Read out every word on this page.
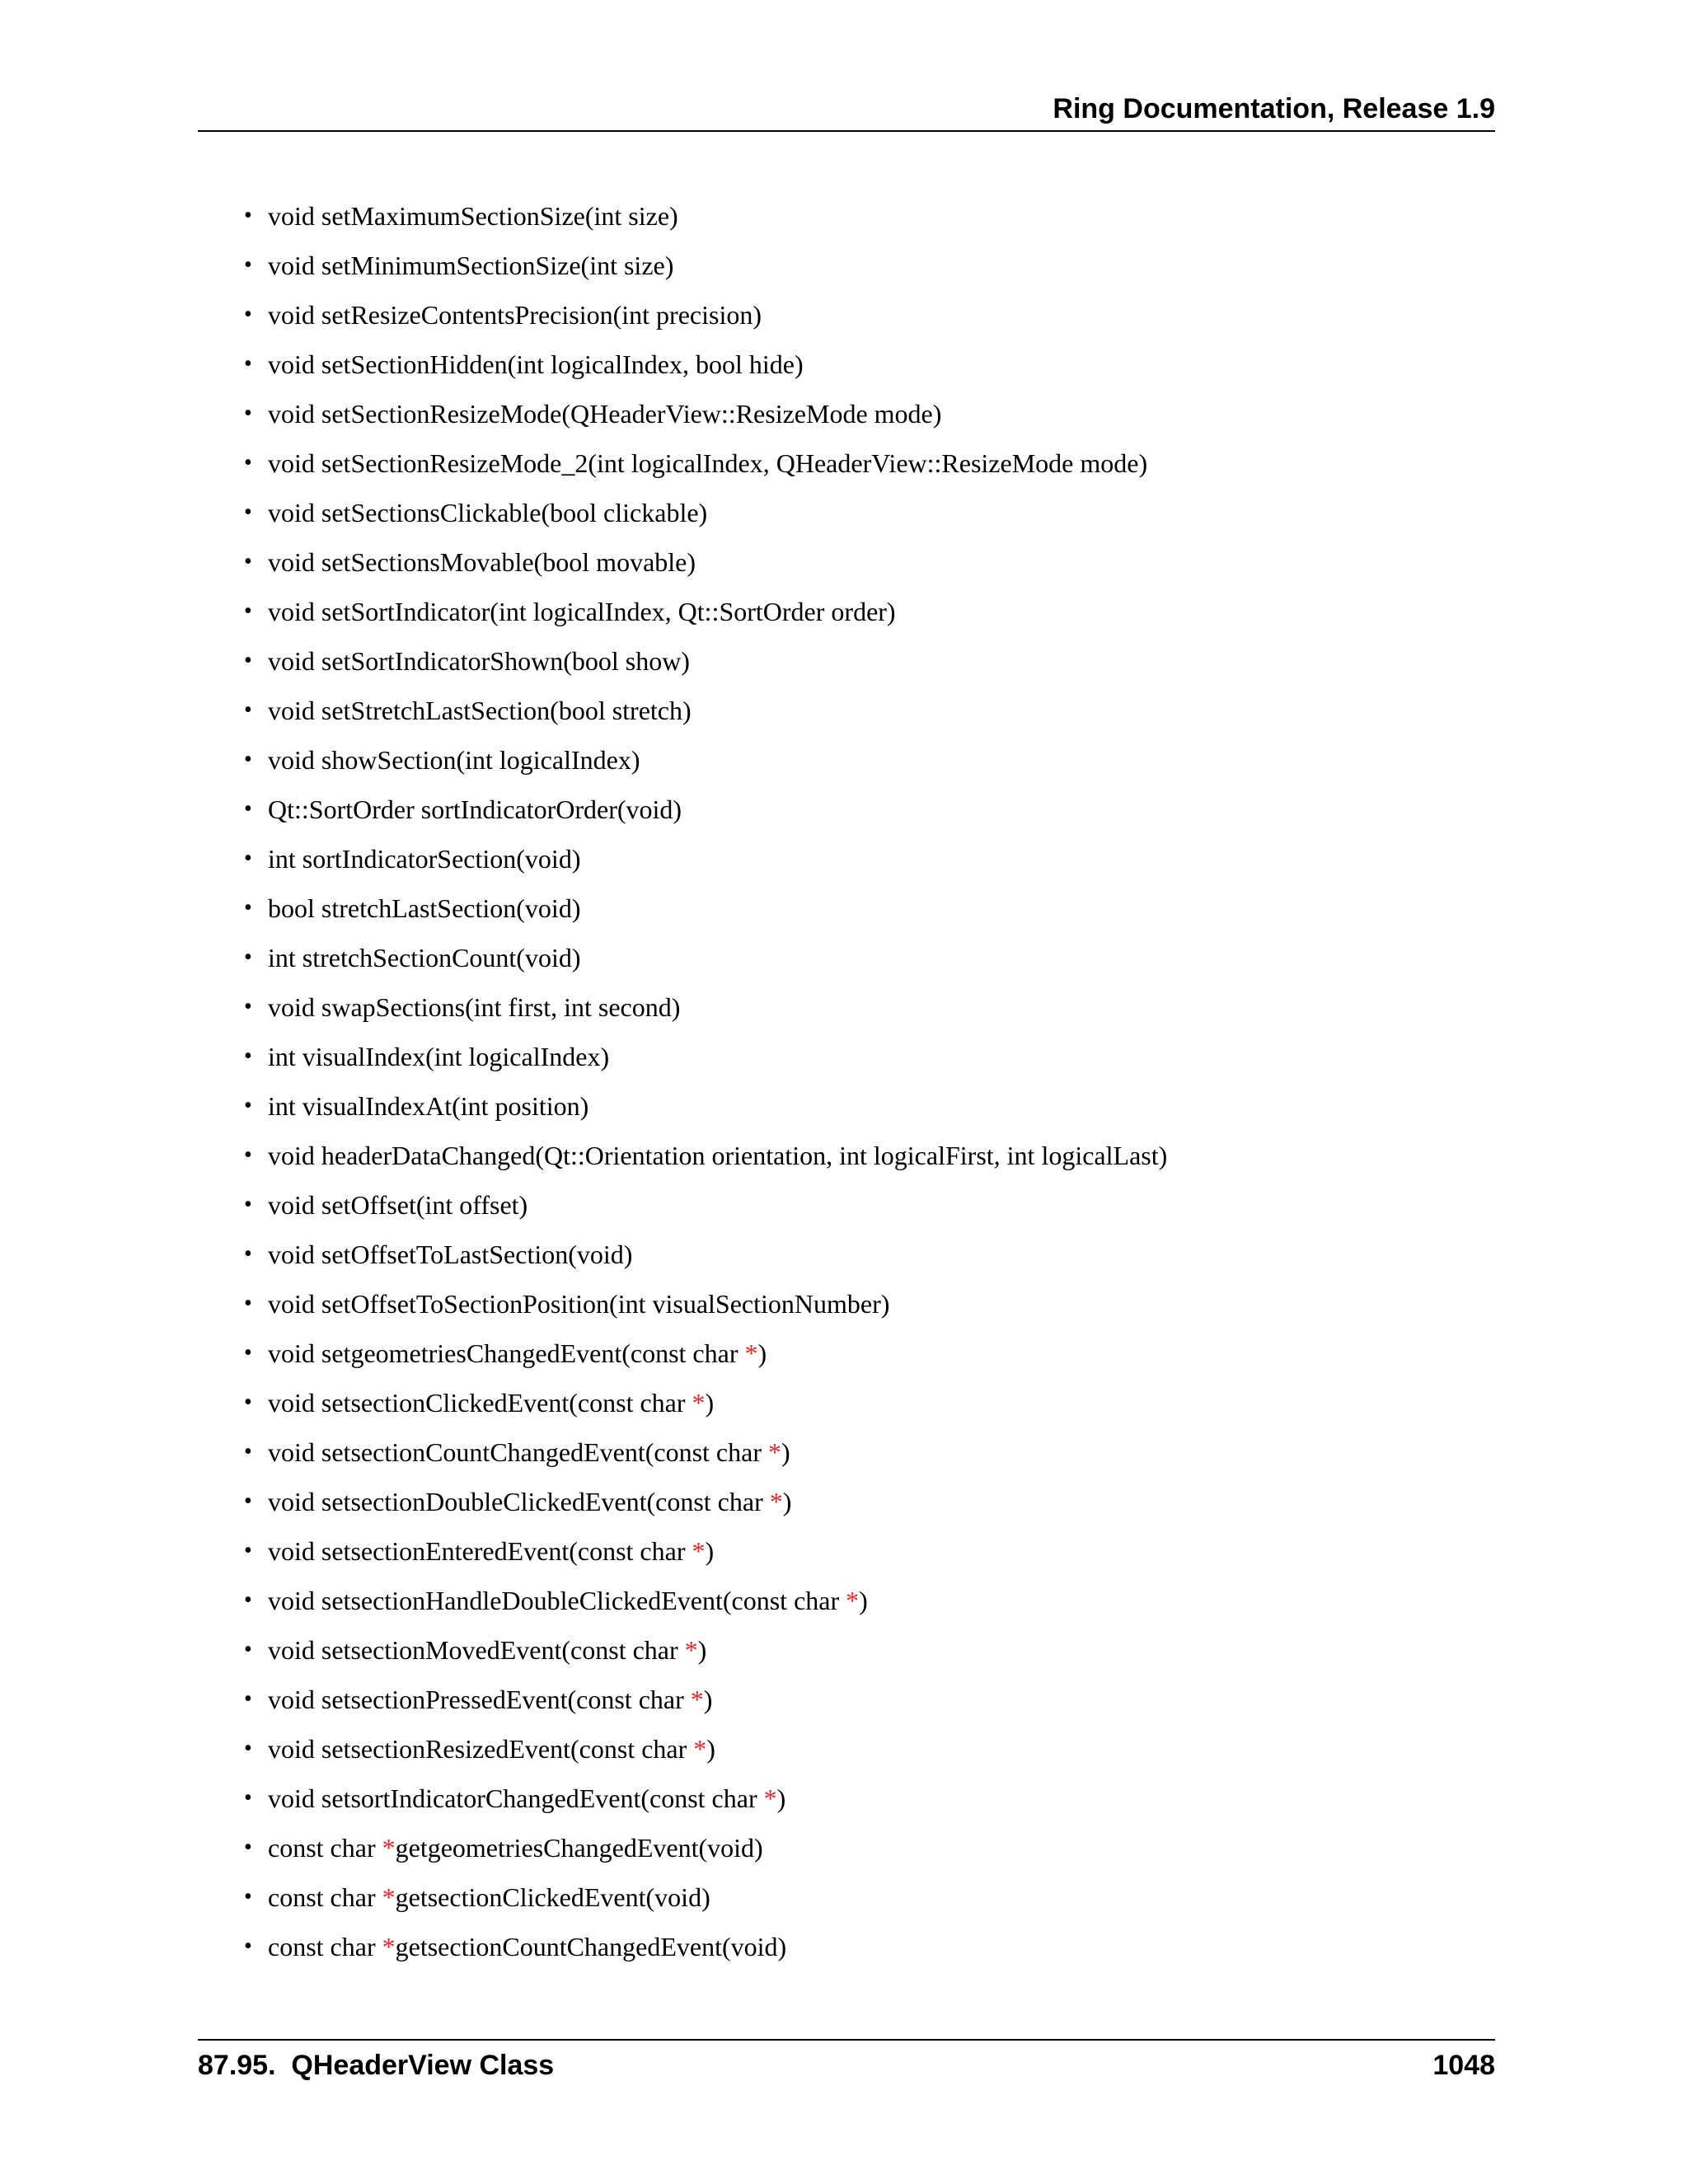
Ring Documentation, Release 1.9
• void setMaximumSectionSize(int size)
• void setMinimumSectionSize(int size)
• void setResizeContentsPrecision(int precision)
• void setSectionHidden(int logicalIndex, bool hide)
• void setSectionResizeMode(QHeaderView::ResizeMode mode)
• void setSectionResizeMode_2(int logicalIndex, QHeaderView::ResizeMode mode)
• void setSectionsClickable(bool clickable)
• void setSectionsMovable(bool movable)
• void setSortIndicator(int logicalIndex, Qt::SortOrder order)
• void setSortIndicatorShown(bool show)
• void setStretchLastSection(bool stretch)
• void showSection(int logicalIndex)
• Qt::SortOrder sortIndicatorOrder(void)
• int sortIndicatorSection(void)
• bool stretchLastSection(void)
• int stretchSectionCount(void)
• void swapSections(int first, int second)
• int visualIndex(int logicalIndex)
• int visualIndexAt(int position)
• void headerDataChanged(Qt::Orientation orientation, int logicalFirst, int logicalLast)
• void setOffset(int offset)
• void setOffsetToLastSection(void)
• void setOffsetToSectionPosition(int visualSectionNumber)
• void setgeometriesChangedEvent(const char *)
• void setsectionClickedEvent(const char *)
• void setsectionCountChangedEvent(const char *)
• void setsectionDoubleClickedEvent(const char *)
• void setsectionEnteredEvent(const char *)
• void setsectionHandleDoubleClickedEvent(const char *)
• void setsectionMovedEvent(const char *)
• void setsectionPressedEvent(const char *)
• void setsectionResizedEvent(const char *)
• void setsortIndicatorChangedEvent(const char *)
• const char *getgeometriesChangedEvent(void)
• const char *getsectionClickedEvent(void)
• const char *getsectionCountChangedEvent(void)
87.95.  QHeaderView Class	1048
